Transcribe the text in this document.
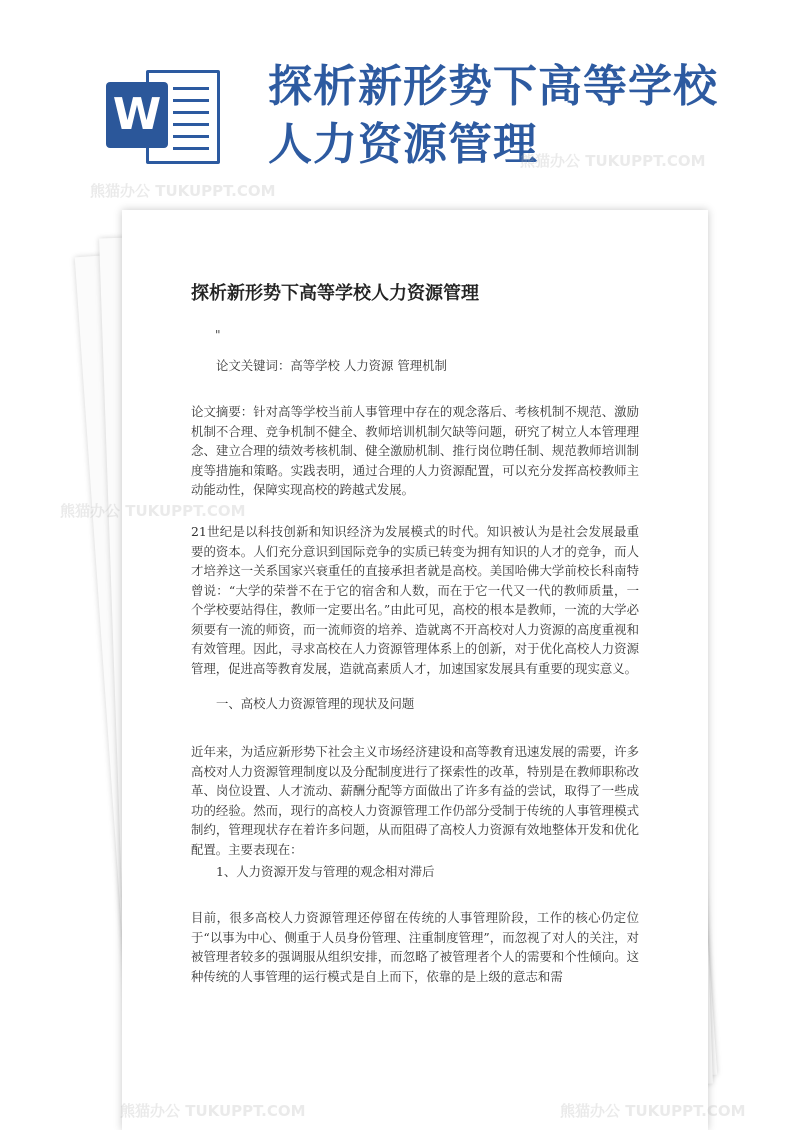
W
探析新形势下高等学校
人力资源管理
探析新形势下高等学校人力资源管理
"

论文关键词：高等学校 人力资源 管理机制

论文摘要：针对高等学校当前人事管理中存在的观念落后、考核机制不规范、激励机制不合理、竞争机制不健全、教师培训机制欠缺等问题，研究了树立人本管理理念、建立合理的绩效考核机制、健全激励机制、推行岗位聘任制、规范教师培训制度等措施和策略。实践表明，通过合理的人力资源配置，可以充分发挥高校教师主动能动性，保障实现高校的跨越式发展。

21世纪是以科技创新和知识经济为发展模式的时代。知识被认为是社会发展最重要的资本。人们充分意识到国际竞争的实质已转变为拥有知识的人才的竞争，而人才培养这一关系国家兴衰重任的直接承担者就是高校。美国哈佛大学前校长科南特曾说：“大学的荣誉不在于它的宿舍和人数，而在于它一代又一代的教师质量，一个学校要站得住，教师一定要出名。”由此可见，高校的根本是教师，一流的大学必须要有一流的师资，而一流师资的培养、造就离不开高校对人力资源的高度重视和有效管理。因此，寻求高校在人力资源管理体系上的创新，对于优化高校人力资源管理，促进高等教育发展，造就高素质人才，加速国家发展具有重要的现实意义。

一、高校人力资源管理的现状及问题

近年来，为适应新形势下社会主义市场经济建设和高等教育迅速发展的需要，许多高校对人力资源管理制度以及分配制度进行了探索性的改革，特别是在教师职称改革、岗位设置、人才流动、薪酬分配等方面做出了许多有益的尝试，取得了一些成功的经验。然而，现行的高校人力资源管理工作仍部分受制于传统的人事管理模式制约，管理现状存在着许多问题，从而阻碍了高校人力资源有效地整体开发和优化配置。主要表现在：

1、人力资源开发与管理的观念相对滞后

目前，很多高校人力资源管理还停留在传统的人事管理阶段，工作的核心仍定位于“以事为中心、侧重于人员身份管理、注重制度管理”，而忽视了对人的关注，对被管理者较多的强调服从组织安排，而忽略了被管理者个人的需要和个性倾向。这种传统的人事管理的运行模式是自上而下，依靠的是上级的意志和需

熊猫办公 TUKUPPT.COM
熊猫办公 TUKUPPT.COM
熊猫办公 TUKUPPT.COM
熊猫办公 TUKUPPT.COM	熊猫办公 TUKUPPT.COM
